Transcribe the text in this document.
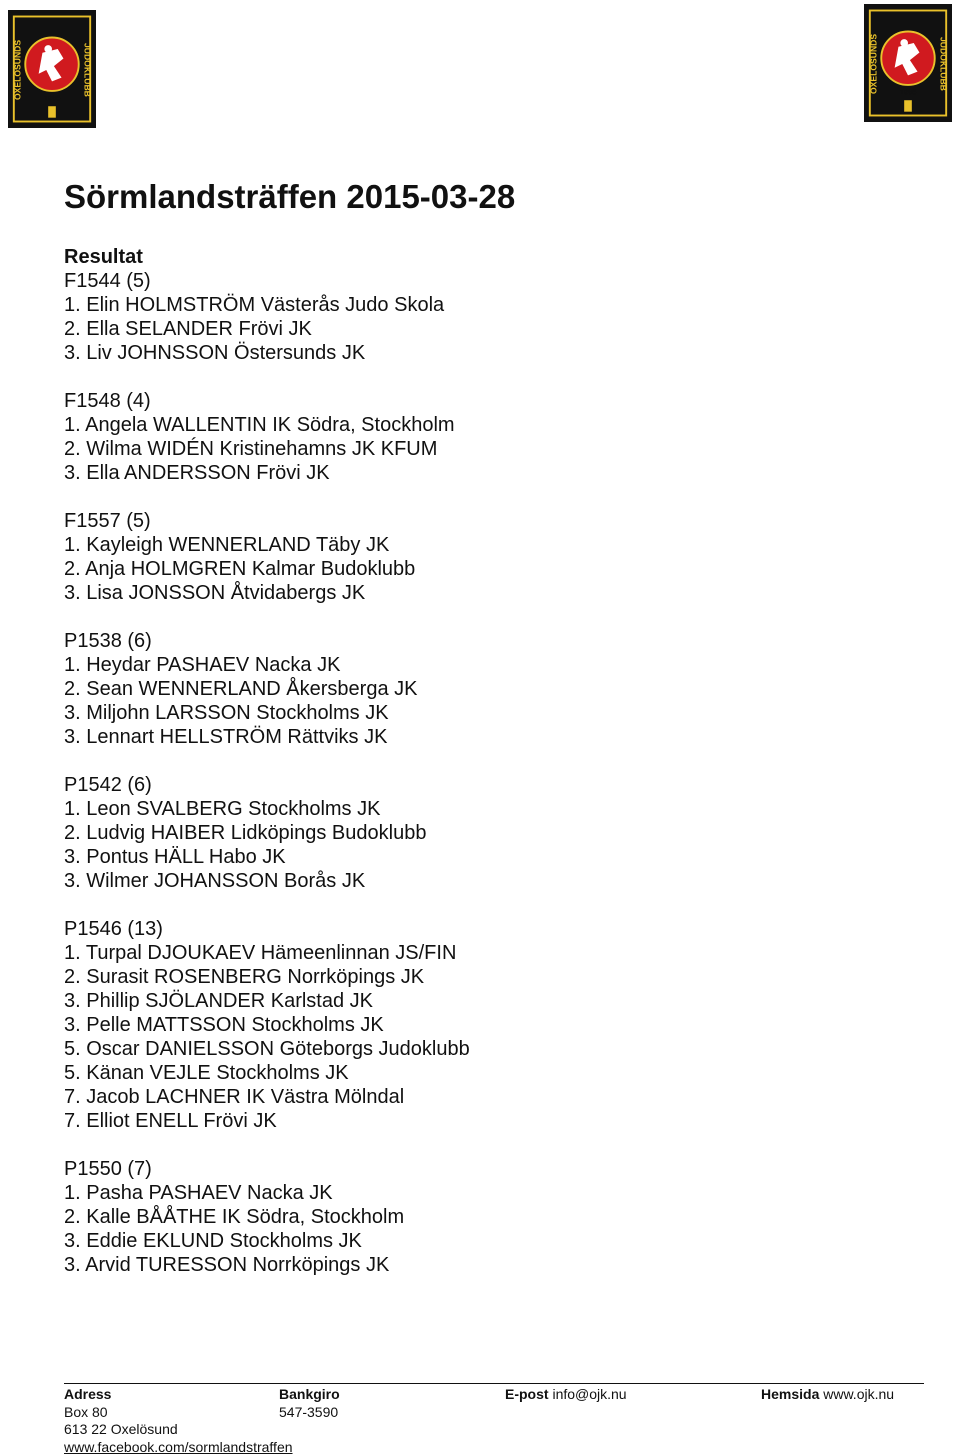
OXELÖSUNDS	JUDOKLUBB
1966
OXELÖSUNDS	JUDOKLUBB
1966
Sörmlandsträffen 2015-03-28
Resultat
F1544 (5)
1. Elin HOLMSTRÖM Västerås Judo Skola
2. Ella SELANDER Frövi JK
3. Liv JOHNSSON Östersunds JK
F1548 (4)
1. Angela WALLENTIN IK Södra, Stockholm
2. Wilma WIDÉN Kristinehamns JK KFUM
3. Ella ANDERSSON Frövi JK
F1557 (5)
1. Kayleigh WENNERLAND Täby JK
2. Anja HOLMGREN Kalmar Budoklubb
3. Lisa JONSSON Åtvidabergs JK
P1538 (6)
1. Heydar PASHAEV Nacka JK
2. Sean WENNERLAND Åkersberga JK
3. Miljohn LARSSON Stockholms JK
3. Lennart HELLSTRÖM Rättviks JK
P1542 (6)
1. Leon SVALBERG Stockholms JK
2. Ludvig HAIBER Lidköpings Budoklubb
3. Pontus HÄLL Habo JK
3. Wilmer JOHANSSON Borås JK
P1546 (13)
1. Turpal DJOUKAEV Hämeenlinnan JS/FIN
2. Surasit ROSENBERG Norrköpings JK
3. Phillip SJÖLANDER Karlstad JK
3. Pelle MATTSSON Stockholms JK
5. Oscar DANIELSSON Göteborgs Judoklubb
5. Känan VEJLE Stockholms JK
7. Jacob LACHNER IK Västra Mölndal
7. Elliot ENELL Frövi JK
P1550 (7)
1. Pasha PASHAEV Nacka JK
2. Kalle BÅÅTHE IK Södra, Stockholm
3. Eddie EKLUND Stockholms JK
3. Arvid TURESSON Norrköpings JK
Adress
Box 80
613 22 Oxelösund
www.facebook.com/sormlandstraffen
Bankgiro
547-3590
E-post info@ojk.nu	Hemsida www.ojk.nu
